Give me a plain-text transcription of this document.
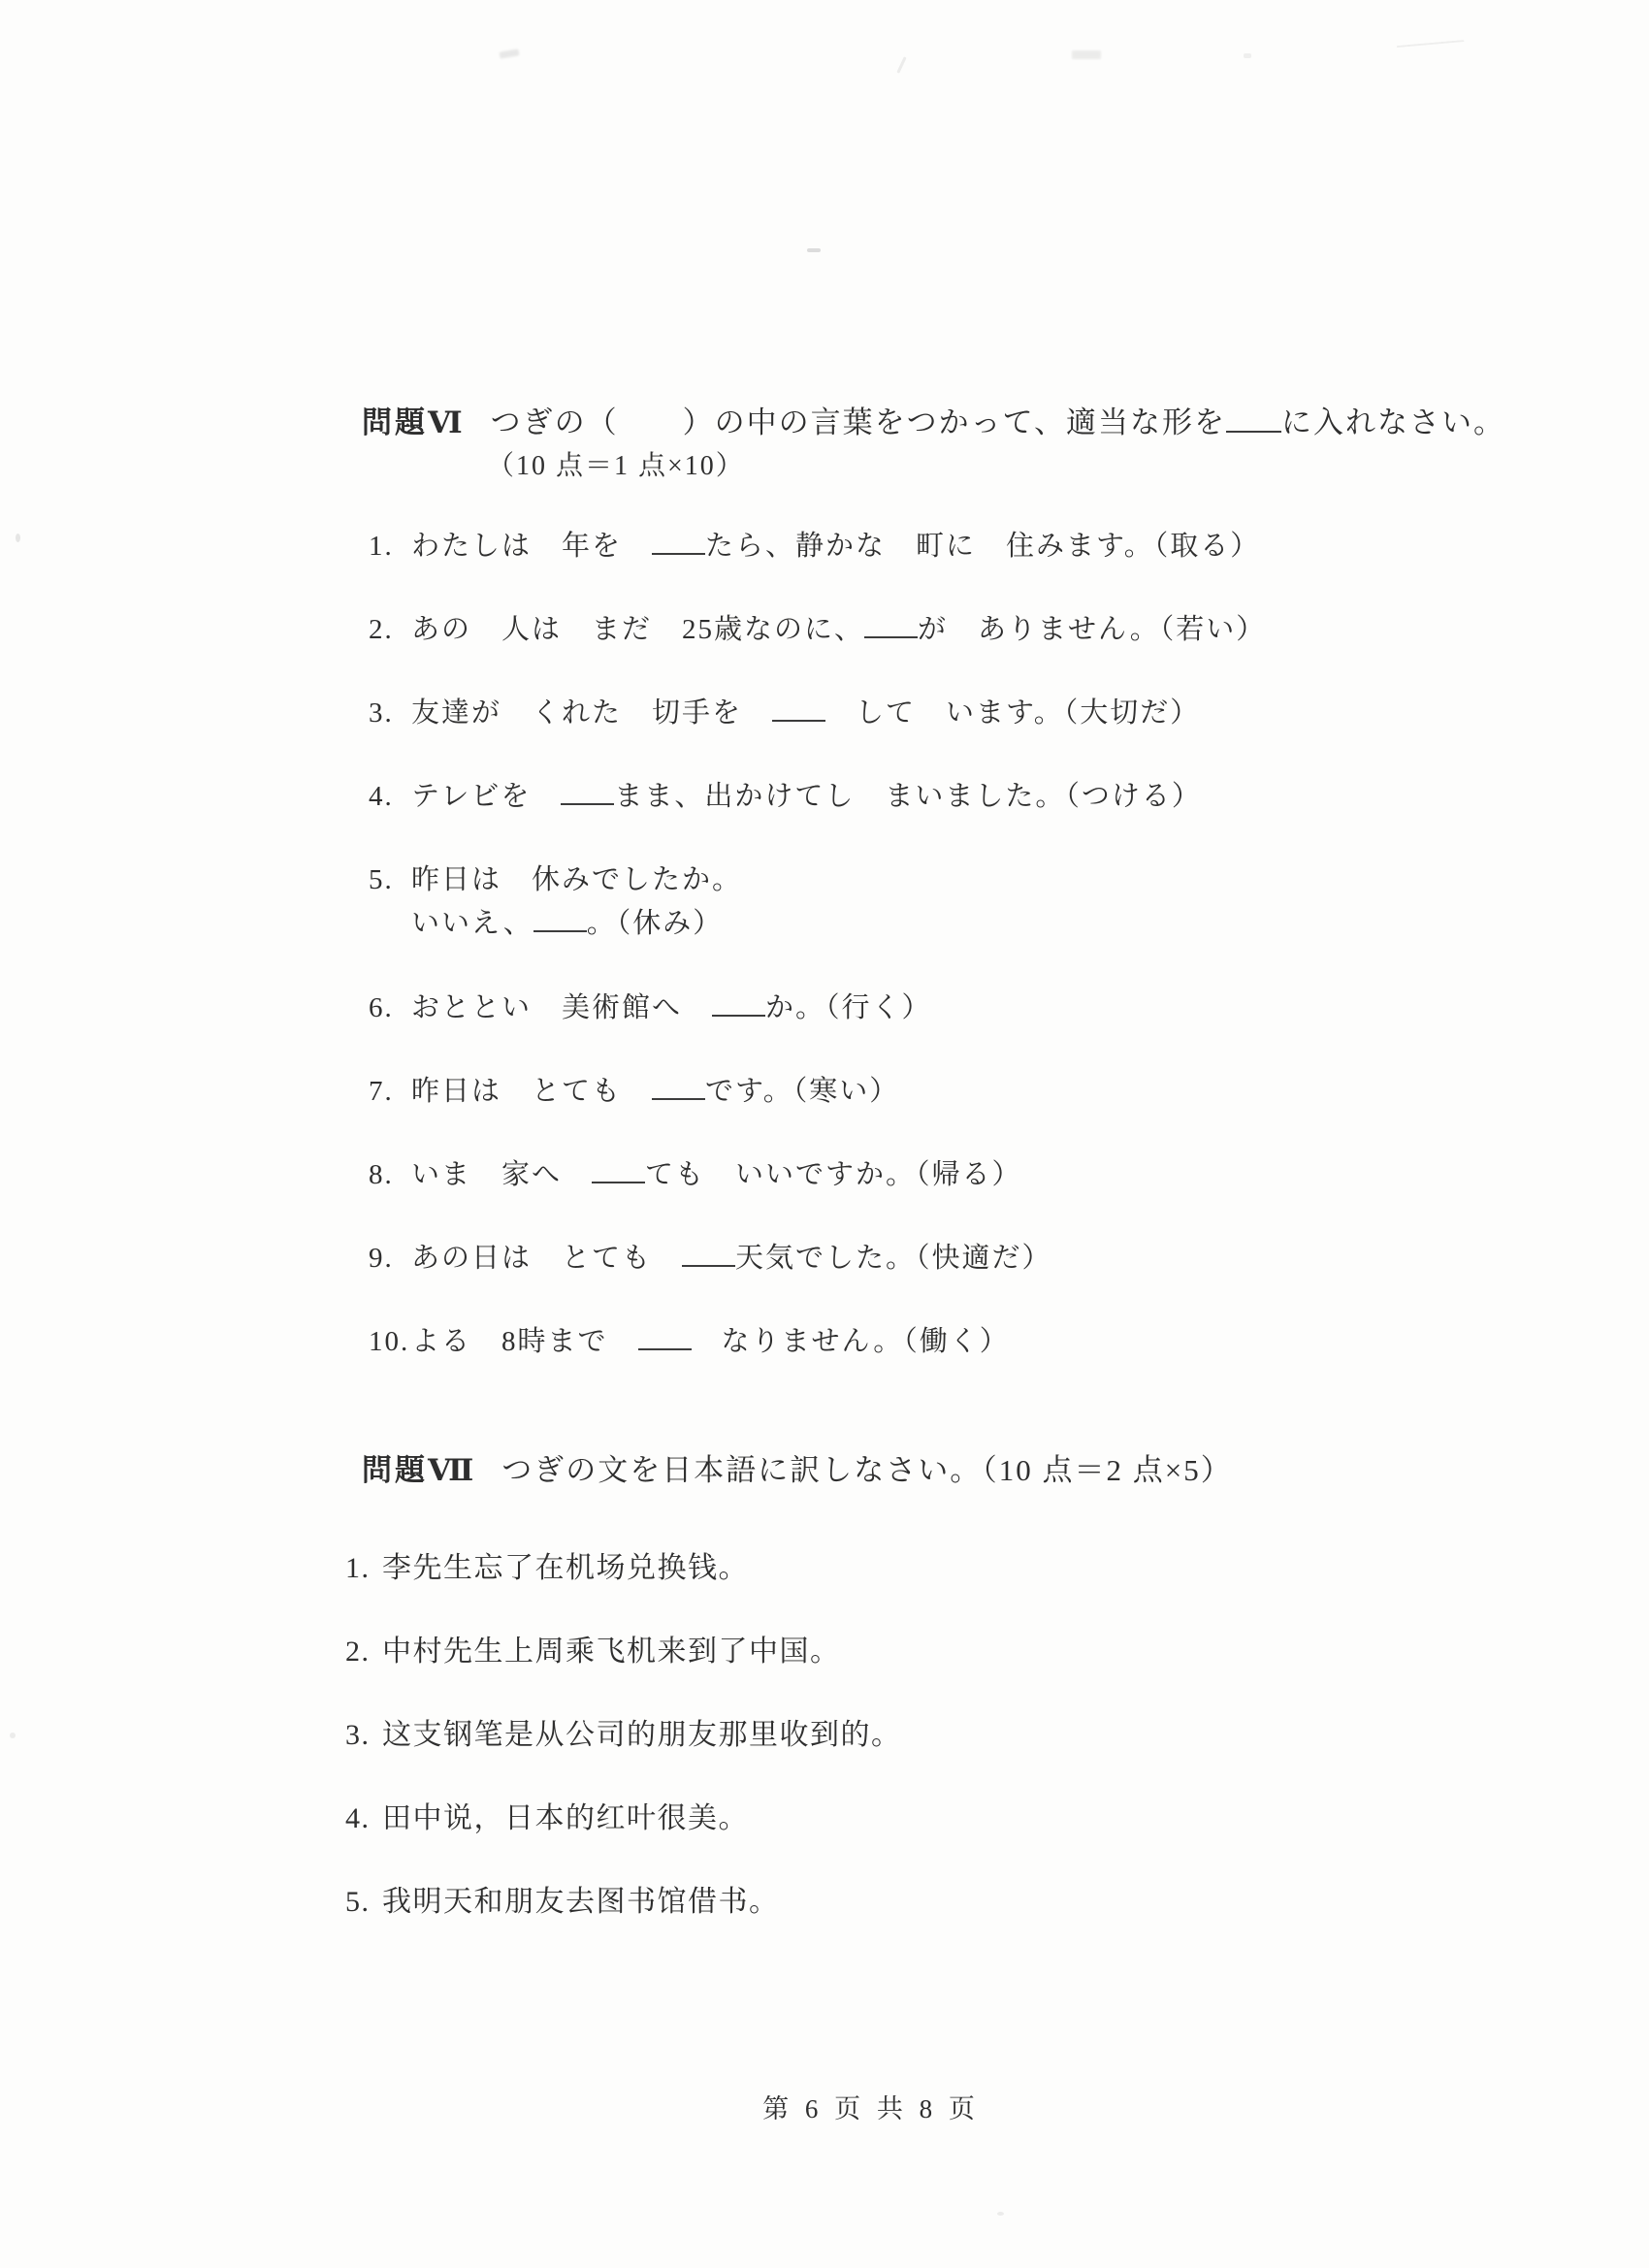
問題Ⅵ つぎの（　　）の中の言葉をつかって、適当な形を に入れなさい。
（10 点＝1 点×10）
1. わたしは　年を　たら、静かな　町に　住みます。（取る）
2. あの　人は　まだ　25歳なのに、 が　ありません。（若い）
3. 友達が　くれた　切手を　　して　います。（大切だ）
4. テレビを　まま、出かけてし　まいました。（つける）
5. 昨日は　休みでしたか。
いいえ、 。（休み）
6. おととい　美術館へ　か。（行く）
7. 昨日は　とても　です。（寒い）
8. いま　家へ　ても　いいですか。（帰る）
9. あの日は　とても　天気でした。（快適だ）
10. よる　8時まで　　なりません。（働く）
問題Ⅶ つぎの文を日本語に訳しなさい。（10 点＝2 点×5）
1. 李先生忘了在机场兑换钱。
2. 中村先生上周乘飞机来到了中国。
3. 这支钢笔是从公司的朋友那里收到的。
4. 田中说，日本的红叶很美。
5. 我明天和朋友去图书馆借书。
第 6 页 共 8 页
